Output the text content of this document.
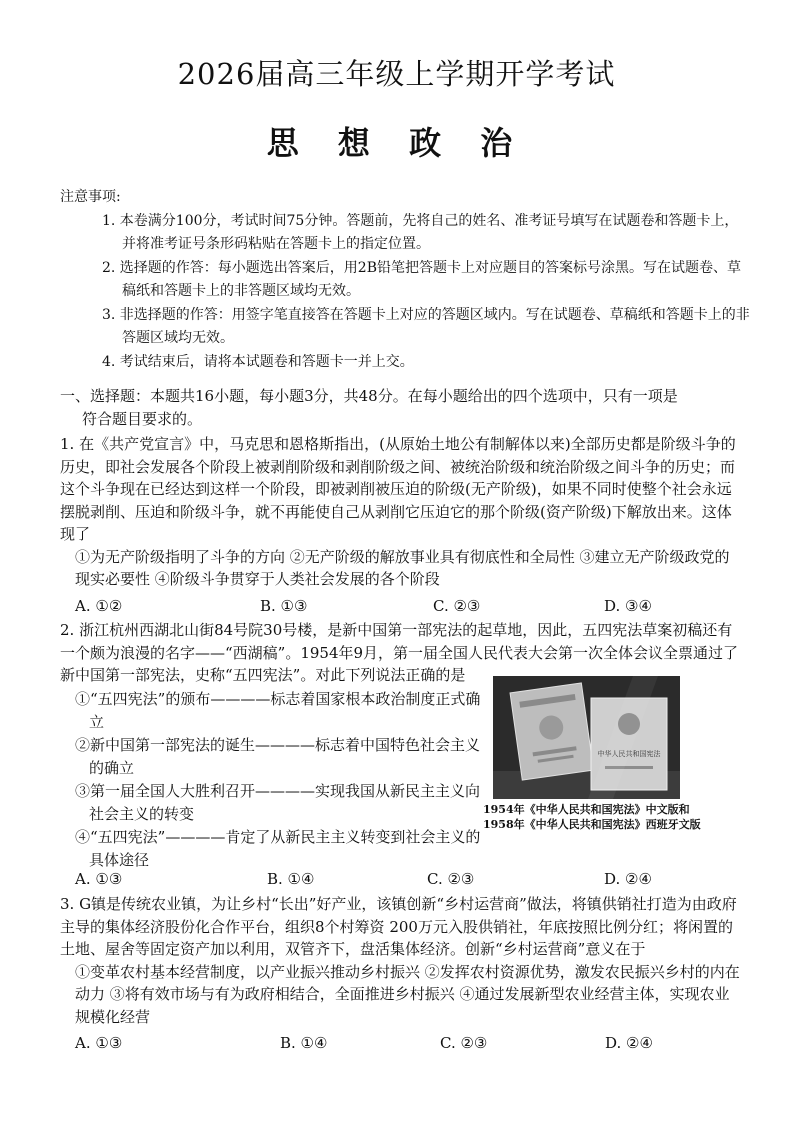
2026届高三年级上学期开学考试
思 想 政 治
注意事项:
1. 本卷满分100分，考试时间75分钟。答题前，先将自己的姓名、准考证号填写在试题卷和答题卡上，并将准考证号条形码粘贴在答题卡上的指定位置。
2. 选择题的作答：每小题选出答案后，用2B铅笔把答题卡上对应题目的答案标号涂黑。写在试题卷、草稿纸和答题卡上的非答题区域均无效。
3. 非选择题的作答：用签字笔直接答在答题卡上对应的答题区域内。写在试题卷、草稿纸和答题卡上的非答题区域均无效。
4. 考试结束后，请将本试题卷和答题卡一并上交。
一、选择题：本题共16小题，每小题3分，共48分。在每小题给出的四个选项中，只有一项是
符合题目要求的。
1. 在《共产党宣言》中，马克思和恩格斯指出，(从原始土地公有制解体以来)全部历史都是阶级斗争的历史，即社会发展各个阶段上被剥削阶级和剥削阶级之间、被统治阶级和统治阶级之间斗争的历史；而这个斗争现在已经达到这样一个阶段，即被剥削被压迫的阶级(无产阶级)，如果不同时使整个社会永远摆脱剥削、压迫和阶级斗争，就不再能使自己从剥削它压迫它的那个阶级(资产阶级)下解放出来。这体现了
①为无产阶级指明了斗争的方向 ②无产阶级的解放事业具有彻底性和全局性 ③建立无产阶级政党的现实必要性 ④阶级斗争贯穿于人类社会发展的各个阶段
A. ①②	B. ①③	C. ②③	D. ③④
2. 浙江杭州西湖北山街84号院30号楼，是新中国第一部宪法的起草地，因此，五四宪法草案初稿还有一个颇为浪漫的名字——“西湖稿”。1954年9月，第一届全国人民代表大会第一次全体会议全票通过了新中国第一部宪法，史称“五四宪法”。对此下列说法正确的是
①“五四宪法”的颁布————标志着国家根本政治制度正式确立
②新中国第一部宪法的诞生————标志着中国特色社会主义的确立
③第一届全国人大胜利召开————实现我国从新民主主义向社会主义的转变
④“五四宪法”————肯定了从新民主主义转变到社会主义的具体途径
中华人民共和国宪法
1954年《中华人民共和国宪法》中文版和
1958年《中华人民共和国宪法》西班牙文版
A. ①③	B. ①④	C. ②③	D. ②④
3. G镇是传统农业镇，为让乡村“长出”好产业，该镇创新“乡村运营商”做法，将镇供销社打造为由政府主导的集体经济股份化合作平台，组织8个村筹资 200万元入股供销社，年底按照比例分红；将闲置的土地、屋舍等固定资产加以利用，双管齐下，盘活集体经济。创新“乡村运营商”意义在于
①变革农村基本经营制度，以产业振兴推动乡村振兴 ②发挥农村资源优势，激发农民振兴乡村的内在动力 ③将有效市场与有为政府相结合，全面推进乡村振兴 ④通过发展新型农业经营主体，实现农业规模化经营
A. ①③	B. ①④	C. ②③	D. ②④
